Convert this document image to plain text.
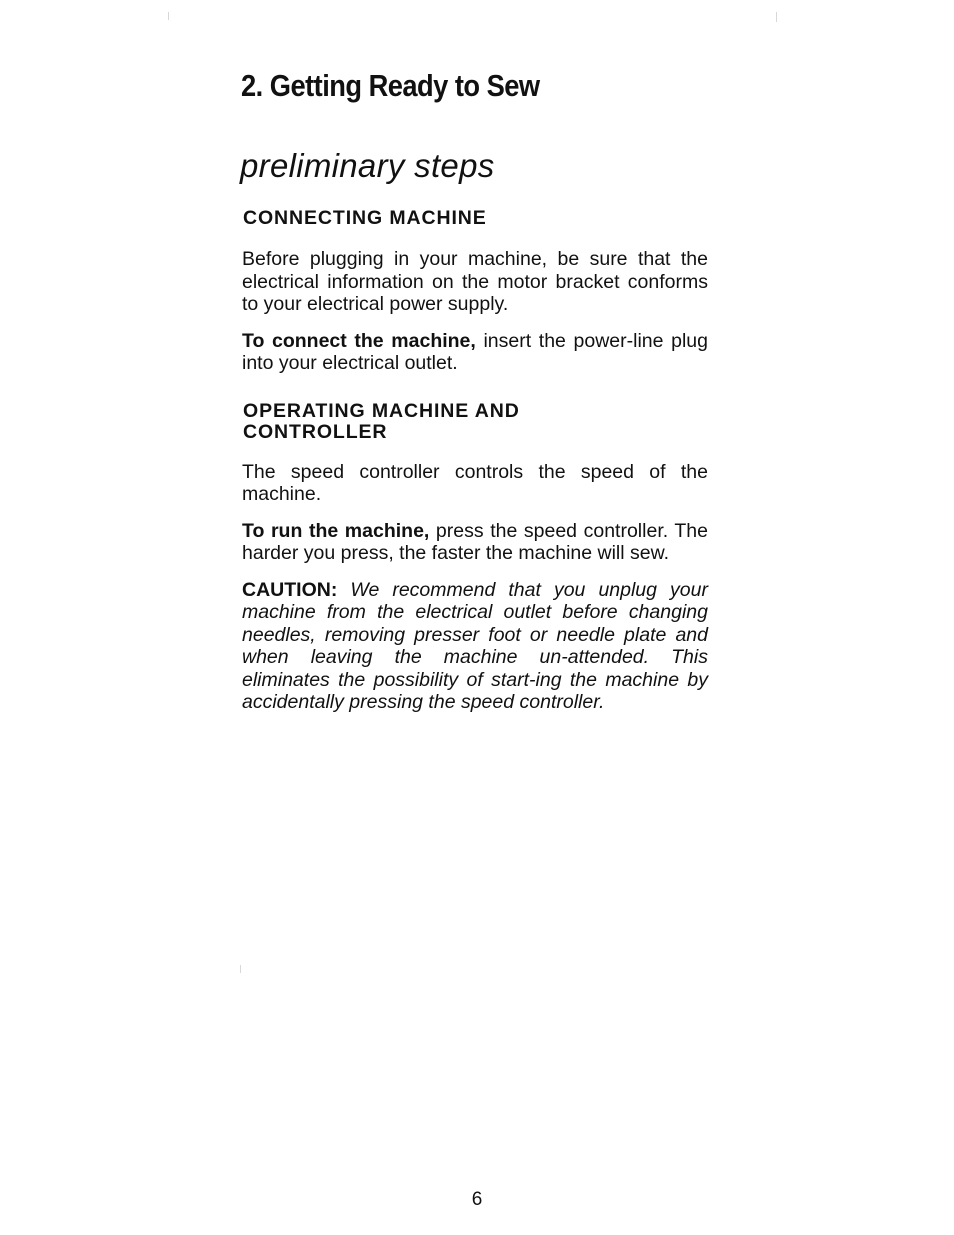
2. Getting Ready to Sew
preliminary steps
CONNECTING MACHINE

Before plugging in your machine, be sure that the electrical information on the motor bracket conforms to your electrical power supply.

To connect the machine, insert the power-line plug into your electrical outlet.

OPERATING MACHINE AND CONTROLLER

The speed controller controls the speed of the machine.

To run the machine, press the speed controller. The harder you press, the faster the machine will sew.

CAUTION: We recommend that you unplug your machine from the electrical outlet before changing needles, removing presser foot or needle plate and when leaving the machine un-attended. This eliminates the possibility of start-ing the machine by accidentally pressing the speed controller.

6
